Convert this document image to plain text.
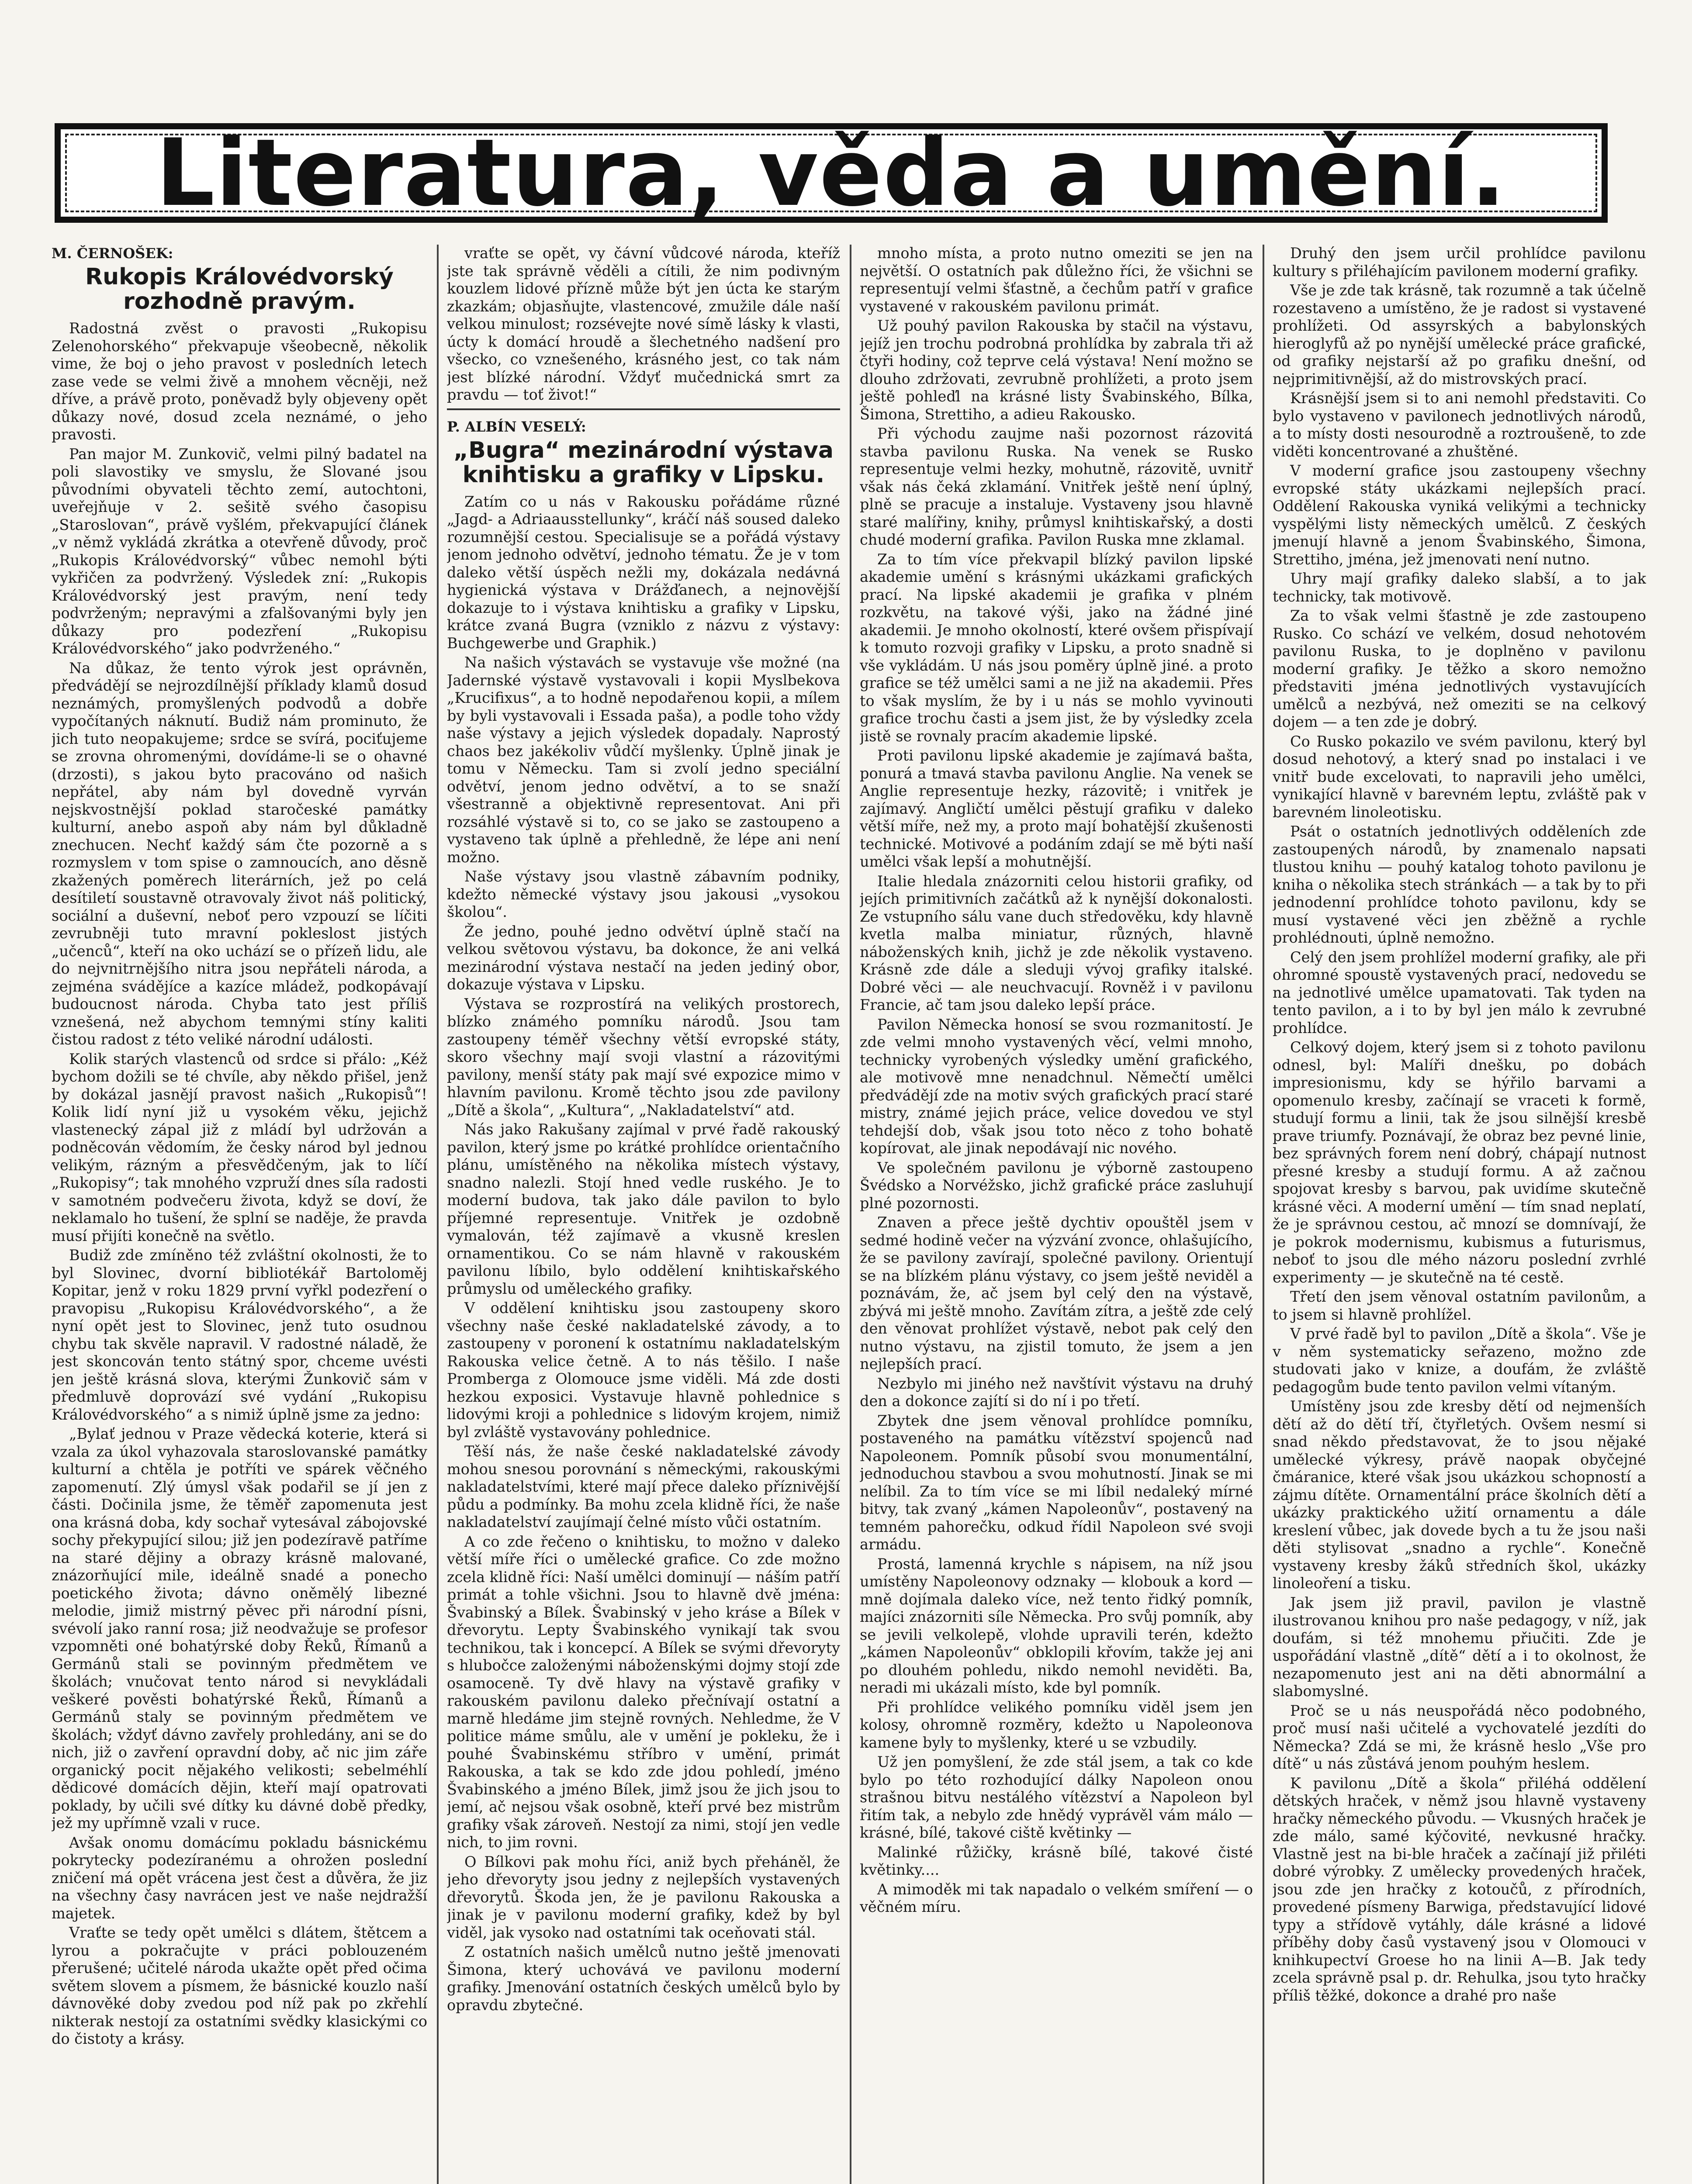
Literatura, věda a umění.
M. ČERNOŠEK:
Rukopis Královédvorský rozhodně pravým.

Radostná zvěst o pravosti „Rukopisu Zelenohorského“ překvapuje všeobecně, několik vime, že boj o jeho pravost v posledních letech zase vede se velmi živě a mnohem věcněji, než dříve, a právě proto, poněvadž byly objeveny opět důkazy nové, dosud zcela neznámé, o jeho pravosti.

Pan major M. Zunkovič, velmi pilný badatel na poli slavostiky ve smyslu, že Slované jsou původními obyvateli těchto zemí, autochtoni, uveřejňuje v 2. sešitě svého časopisu „Staroslovan“, právě vyšlém, překvapující článek „v němž vykládá zkrátka a otevřeně důvody, proč „Rukopis Královédvorský“ vůbec nemohl býti vykřičen za podvržený. Výsledek zní: „Rukopis Královédvorský jest pravým, není tedy podvrženým; nepravými a zfalšovanými byly jen důkazy pro podezření „Rukopisu Královédvorského“ jako podvrženého.“

Na důkaz, že tento výrok jest oprávněn, předvádějí se nejrozdílnější příklady klamů dosud neznámých, promyšlených podvodů a dobře vypočítaných náknutí. Budiž nám prominuto, že jich tuto neopakujeme; srdce se svírá, pociťujeme se zrovna ohromenými, dovídáme-li se o ohavné (drzosti), s jakou byto pracováno od našich nepřátel, aby nám byl dovedně vyrván nejskvostnější poklad staročeské památky kulturní, anebo aspoň aby nám byl důkladně znechucen. Nechť každý sám čte pozorně a s rozmyslem v tom spise o zamnoucích, ano děsně zkažených poměrech literárních, jež po celá desítiletí soustavně otravovaly život náš politický, sociální a duševní, neboť pero vzpouzí se líčiti zevrubněji tuto mravní pokleslost jistých „učenců“, kteří na oko uchází se o přízeň lidu, ale do nejvnitrnějšího nitra jsou nepřáteli národa, a zejména svádějíce a kazíce mládež, podkopávají budoucnost národa. Chyba tato jest příliš vznešená, než abychom temnými stíny kaliti čistou radost z této veliké národní události.

Kolik starých vlastenců od srdce si přálo: „Kéž bychom dožili se té chvíle, aby někdo přišel, jenž by dokázal jasnějí pravost našich „Rukopisů“! Kolik lidí nyní již u vysokém věku, jejichž vlastenecký zápal již z mládí byl udržován a podněcován vědomím, že česky národ byl jednou velikým, rázným a přesvědčeným, jak to líčí „Rukopisy“; tak mnohého vzpruží dnes síla radosti v samotném podvečeru života, když se doví, že neklamalo ho tušení, že splní se naděje, že pravda musí přijíti konečně na světlo.

Budiž zde zmíněno též zvláštní okolnosti, že to byl Slovinec, dvorní bibliotékář Bartoloměj Kopitar, jenž v roku 1829 první vyřkl podezření o pravopisu „Rukopisu Královédvorského“, a že nyní opět jest to Slovinec, jenž tuto osudnou chybu tak skvěle napravil. V radostné náladě, že jest skoncován tento státný spor, chceme uvésti jen ještě krásná slova, kterými Žunkovič sám v předmluvě doprovází své vydání „Rukopisu Královédvorského“ a s nimiž úplně jsme za jedno:

„Bylať jednou v Praze vědecká koterie, která si vzala za úkol vyhazovala staroslovanské památky kulturní a chtěla je potříti ve spárek věčného zapomenutí. Zlý úmysl však podařil se jí jen z části. Dočinila jsme, že těměř zapomenuta jest ona krásná doba, kdy sochař vytesával zábojovské sochy překypující silou; již jen podezíravě patříme na staré dějiny a obrazy krásně malované, znázorňující mile, ideálně snadé a ponecho poetického života; dávno oněmělý libezné melodie, jimiž mistrný pěvec při národní písni, svévolí jako ranní rosa; již neodvažuje se profesor vzpomněti oné bohatýrské doby Řeků, Římanů a Germánů stali se povinným předmětem ve školách; vnučovat tento národ si nevykládali veškeré pověsti bohatýrské Řeků, Římanů a Germánů staly se povinným předmětem ve školách; vždyť dávno zavřely prohledány, ani se do nich, již o zavření opravdní doby, ač nic jim záře organický pocit nějakého velikosti; sebelméhlí dědicové domácích dějin, kteří mají opatrovati poklady, by učili své dítky ku dávné době předky, jež my upřímně vzali v ruce.

Avšak onomu domácímu pokladu básnickému pokrytecky podezíranému a ohrožen poslední zničení má opět vrácena jest čest a důvěra, že jiz na všechny časy navrácen jest ve naše nejdražší majetek.

Vraťte se tedy opět umělci s dlátem, štětcem a lyrou a pokračujte v práci poblouzeném přerušené; učitelé národa ukažte opět před očima světem slovem a písmem, že básnické kouzlo naší dávnověké doby zvedou pod níž pak po zkřehlí nikterak nestojí za ostatními svědky klasickými co do čistoty a krásy.

vraťte se opět, vy čávní vůdcové národa, kteříž jste tak správně věděli a cítili, že nim podivným kouzlem lidové přízně může být jen úcta ke starým zkazkám; objasňujte, vlastencové, zmužile dále naší velkou minulost; rozsévejte nové símě lásky k vlasti, úcty k domácí hroudě a šlechetného nadšení pro všecko, co vznešeného, krásného jest, co tak nám jest blízké národní. Vždyť mučednická smrt za pravdu — toť život!“

P. ALBÍN VESELÝ:
„Bugra“ mezinárodní výstava knihtisku a grafiky v Lipsku.

Zatím co u nás v Rakousku pořádáme různé „Jagd- a Adriaausstellunky“, kráčí náš soused daleko rozumnější cestou. Specialisuje se a pořádá výstavy jenom jednoho odvětví, jednoho tématu. Že je v tom daleko větší úspěch nežli my, dokázala nedávná hygienická výstava v Drážďanech, a nejnovější dokazuje to i výstava knihtisku a grafiky v Lipsku, krátce zvaná Bugra (vzniklo z názvu z výstavy: Buchgewerbe und Graphik.)

Na našich výstavách se vystavuje vše možné (na Jadernské výstavě vystavovali i kopii Myslbekova „Krucifixus“, a to hodně nepodařenou kopii, a mílem by byli vystavovali i Essada paša), a podle toho vždy naše výstavy a jejich výsledek dopadaly. Naprostý chaos bez jakékoliv vůdčí myšlenky. Úplně jinak je tomu v Německu. Tam si zvolí jedno speciální odvětví, jenom jedno odvětví, a to se snaží všestranně a objektivně representovat. Ani při rozsáhlé výstavě si to, co se jako se zastoupeno a vystaveno tak úplně a přehledně, že lépe ani není možno.

Naše výstavy jsou vlastně zábavním podniky, kdežto německé výstavy jsou jakousi „vysokou školou“.

Že jedno, pouhé jedno odvětví úplně stačí na velkou světovou výstavu, ba dokonce, že ani velká mezinárodní výstava nestačí na jeden jediný obor, dokazuje výstava v Lipsku.

Výstava se rozprostírá na velikých prostorech, blízko známého pomníku národů. Jsou tam zastoupeny téměř všechny větší evropské státy, skoro všechny mají svoji vlastní a rázovitými pavilony, menší státy pak mají své expozice mimo v hlavním pavilonu. Kromě těchto jsou zde pavilony „Dítě a škola“, „Kultura“, „Nakladatelství“ atd.

Nás jako Rakušany zajímal v prvé řadě rakouský pavilon, který jsme po krátké prohlídce orientačního plánu, umístěného na několika místech výstavy, snadno nalezli. Stojí hned vedle ruského. Je to moderní budova, tak jako dále pavilon to bylo příjemné representuje. Vnitřek je ozdobně vymalován, též zajímavě a vkusně kreslen ornamentikou. Co se nám hlavně v rakouském pavilonu líbilo, bylo oddělení knihtiskařského průmyslu od uměleckého grafiky.

V oddělení knihtisku jsou zastoupeny skoro všechny naše české nakladatelské závody, a to zastoupeny v poronení k ostatnímu nakladatelským Rakouska velice četně. A to nás těšilo. I naše Promberga z Olomouce jsme viděli. Má zde dosti hezkou exposici. Vystavuje hlavně pohlednice s lidovými kroji a pohlednice s lidovým krojem, nimiž byl zvláště vystavovány pohlednice.

Těší nás, že naše české nakladatelské závody mohou snesou porovnání s německými, rakouskými nakladatelstvími, které mají přece daleko příznivější půdu a podmínky. Ba mohu zcela klidně říci, že naše nakladatelství zaujímají čelné místo vůči ostatním.

A co zde řečeno o knihtisku, to možno v daleko větší míře říci o umělecké grafice. Co zde možno zcela klidně říci: Naší umělci dominují — náším patří primát a tohle všichni. Jsou to hlavně dvě jména: Švabinský a Bílek. Švabinský v jeho kráse a Bílek v dřevorytu. Lepty Švabinského vynikají tak svou technikou, tak i koncepcí. A Bílek se svými dřevoryty s hlubočce založenými náboženskými dojmy stojí zde osamoceně. Ty dvě hlavy na výstavě grafiky v rakouském pavilonu daleko přečnívají ostatní a marně hledáme jim stejně rovných. Nehledme, že V politice máme smůlu, ale v umění je pokleku, že i pouhé Švabinskému stříbro v umění, primát Rakouska, a tak se kdo zde jdou pohledí, jméno Švabinského a jméno Bílek, jimž jsou že jich jsou to jemí, ač nejsou však osobně, kteří prvé bez mistrům grafiky však zároveň. Nestojí za nimi, stojí jen vedle nich, to jim rovni.

O Bílkovi pak mohu říci, aniž bych přeháněl, že jeho dřevoryty jsou jedny z nejlepších vystavených dřevorytů. Škoda jen, že je pavilonu Rakouska a jinak je v pavilonu moderní grafiky, kdež by byl viděl, jak vysoko nad ostatními tak oceňovati stál.

Z ostatních našich umělců nutno ještě jmenovati Šimona, který uchovává ve pavilonu moderní grafiky. Jmenování ostatních českých umělců bylo by opravdu zbytečné.

mnoho místa, a proto nutno omeziti se jen na největší. O ostatních pak důležno říci, že všichni se representují velmi šťastně, a čechům patří v grafice vystavené v rakouském pavilonu primát.

Už pouhý pavilon Rakouska by stačil na výstavu, jejíž jen trochu podrobná prohlídka by zabrala tři až čtyři hodiny, což teprve celá výstava! Není možno se dlouho zdržovati, zevrubně prohlížeti, a proto jsem ještě pohleďl na krásné listy Švabinského, Bílka, Šimona, Strettiho, a adieu Rakousko.

Při východu zaujme naši pozornost rázovitá stavba pavilonu Ruska. Na venek se Rusko representuje velmi hezky, mohutně, rázovitě, uvnitř však nás čeká zklamání. Vnitřek ještě není úplný, plně se pracuje a instaluje. Vystaveny jsou hlavně staré malířiny, knihy, průmysl knihtiskařský, a dosti chudé moderní grafika. Pavilon Ruska mne zklamal.

Za to tím více překvapil blízký pavilon lipské akademie umění s krásnými ukázkami grafických prací. Na lipské akademii je grafika v plném rozkvětu, na takové výši, jako na žádné jiné akademii. Je mnoho okolností, které ovšem přispívají k tomuto rozvoji grafiky v Lipsku, a proto snadně si vše vykládám. U nás jsou poměry úplně jiné. a proto grafice se též umělci sami a ne již na akademii. Přes to však myslím, že by i u nás se mohlo vyvinouti grafice trochu časti a jsem jist, že by výsledky zcela jistě se rovnaly pracím akademie lipské.

Proti pavilonu lipské akademie je zajímavá bašta, ponurá a tmavá stavba pavilonu Anglie. Na venek se Anglie representuje hezky, rázovitě; i vnitřek je zajímavý. Angličtí umělci pěstují grafiku v daleko větší míře, než my, a proto mají bohatější zkušenosti technické. Motivové a podáním zdají se mě býti naší umělci však lepší a mohutnější.

Italie hledala znázorniti celou historii grafiky, od jejích primitivních začátků až k nynější dokonalosti. Ze vstupního sálu vane duch středověku, kdy hlavně kvetla malba miniatur, různých, hlavně náboženských knih, jichž je zde několik vystaveno. Krásně zde dále a sleduji vývoj grafiky italské. Dobré věci — ale neuchvacují. Rovněž i v pavilonu Francie, ač tam jsou daleko lepší práce.

Pavilon Německa honosí se svou rozmanitostí. Je zde velmi mnoho vystavených věcí, velmi mnoho, technicky vyrobených výsledky umění grafického, ale motivově mne nenadchnul. Němečtí umělci předvádějí zde na motiv svých grafických prací staré mistry, známé jejich práce, velice dovedou ve styl tehdejší dob, však jsou toto něco z toho bohatě kopírovat, ale jinak nepodávají nic nového.

Ve společném pavilonu je výborně zastoupeno Švédsko a Norvéžsko, jichž grafické práce zasluhují plné pozornosti.

Znaven a přece ještě dychtiv opouštěl jsem v sedmé hodině večer na výzvání zvonce, ohlašujícího, že se pavilony zavírají, společné pavilony. Orientují se na blízkém plánu výstavy, co jsem ještě neviděl a poznávám, že, ač jsem byl celý den na výstavě, zbývá mi ještě mnoho. Zavítám zítra, a ještě zde celý den věnovat prohlížet výstavě, nebot pak celý den nutno výstavu, na zjistil tomuto, že jsem a jen nejlepších prací.

Nezbylo mi jiného než navštívit výstavu na druhý den a dokonce zajítí si do ní i po třetí.

Zbytek dne jsem věnoval prohlídce pomníku, postaveného na památku vítězství spojenců nad Napoleonem. Pomník působí svou monumentální, jednoduchou stavbou a svou mohutností. Jinak se mi nelíbil. Za to tím více se mi líbil nedaleký mírné bitvy, tak zvaný „kámen Napoleonův“, postavený na temném pahorečku, odkud řídil Napoleon své svoji armádu.

Prostá, lamenná krychle s nápisem, na níž jsou umístěny Napoleonovy odznaky — klobouk a kord — mně dojímala daleko více, než tento řidký pomník, majíci znázorniti síle Německa. Pro svůj pomník, aby se jevili velkolepě, vlohde upravili terén, kdežto „kámen Napoleonův“ obklopili křovím, takže jej ani po dlouhém pohledu, nikdo nemohl neviděti. Ba, neradi mi ukázali místo, kde byl pomník.

Při prohlídce velikého pomníku viděl jsem jen kolosy, ohromně rozměry, kdežto u Napoleonova kamene byly to myšlenky, které u se vzbudily.

Už jen pomyšlení, že zde stál jsem, a tak co kde bylo po této rozhodující dálky Napoleon onou strašnou bitvu nestálého vítězství a Napoleon byl řitím tak, a nebylo zde hnědý vyprávěl vám málo — krásné, bílé, takové ciště květinky —

Malinké růžičky, krásně bílé, takové čisté květinky....

A mimoděk mi tak napadalo o velkém smíření — o věčném míru.

Druhý den jsem určil prohlídce pavilonu kultury s přiléhajícím pavilonem moderní grafiky.

Vše je zde tak krásně, tak rozumně a tak účelně rozestaveno a umístěno, že je radost si vystavené prohlížeti. Od assyrských a babylonských hieroglyfů až po nynější umělecké práce grafické, od grafiky nejstarší až po grafiku dnešní, od nejprimitivnější, až do mistrovských prací.

Krásnější jsem si to ani nemohl představiti. Co bylo vystaveno v pavilonech jednotlivých národů, a to místy dosti nesourodně a roztroušeně, to zde viděti koncentrované a zhuštěné.

V moderní grafice jsou zastoupeny všechny evropské státy ukázkami nejlepších prací. Oddělení Rakouska vyniká velikými a technicky vyspělými listy německých umělců. Z českých jmenují hlavně a jenom Švabinského, Šimona, Strettiho, jména, jež jmenovati není nutno.

Uhry mají grafiky daleko slabší, a to jak technicky, tak motivově.

Za to však velmi šťastně je zde zastoupeno Rusko. Co schází ve velkém, dosud nehotovém pavilonu Ruska, to je doplněno v pavilonu moderní grafiky. Je těžko a skoro nemožno představiti jména jednotlivých vystavujících umělců a nezbývá, než omeziti se na celkový dojem — a ten zde je dobrý.

Co Rusko pokazilo ve svém pavilonu, který byl dosud nehotový, a který snad po instalaci i ve vnitř bude excelovati, to napravili jeho umělci, vynikající hlavně v barevném leptu, zvláště pak v barevném linoleotisku.

Psát o ostatních jednotlivých odděleních zde zastoupených národů, by znamenalo napsati tlustou knihu — pouhý katalog tohoto pavilonu je kniha o několika stech stránkách — a tak by to při jednodenní prohlídce tohoto pavilonu, kdy se musí vystavené věci jen zběžně a rychle prohlédnouti, úplně nemožno.

Celý den jsem prohlížel moderní grafiky, ale při ohromné spoustě vystavených prací, nedovedu se na jednotlivé umělce upamatovati. Tak tyden na tento pavilon, a i to by byl jen málo k zevrubné prohlídce.

Celkový dojem, který jsem si z tohoto pavilonu odnesl, byl: Malíři dnešku, po dobách impresionismu, kdy se hýřilo barvami a opomenulo kresby, začínají se vraceti k formě, studují formu a linii, tak že jsou silnější kresbě prave triumfy. Poznávají, že obraz bez pevné linie, bez správných forem není dobrý, chápají nutnost přesné kresby a studují formu. A až začnou spojovat kresby s barvou, pak uvidíme skutečně krásné věci. A moderní umění — tím snad neplatí, že je správnou cestou, ač mnozí se domnívají, že je pokrok modernismu, kubismus a futurismus, neboť to jsou dle mého názoru poslední zvrhlé experimenty — je skutečně na té cestě.

Třetí den jsem věnoval ostatním pavilonům, a to jsem si hlavně prohlížel.

V prvé řadě byl to pavilon „Dítě a škola“. Vše je v něm systematicky seřazeno, možno zde studovati jako v knize, a doufám, že zvláště pedagogům bude tento pavilon velmi vítaným.

Umístěny jsou zde kresby dětí od nejmenších dětí až do dětí tří, čtyřletých. Ovšem nesmí si snad někdo představovat, že to jsou nějaké umělecké výkresy, právě naopak obyčejné čmáranice, které však jsou ukázkou schopností a zájmu dítěte. Ornamentální práce školních dětí a ukázky praktického užití ornamentu a dále kreslení vůbec, jak dovede bych a tu že jsou naši děti stylisovat „snadno a rychle“. Konečně vystaveny kresby žáků středních škol, ukázky linoleoření a tisku.

Jak jsem již pravil, pavilon je vlastně ilustrovanou knihou pro naše pedagogy, v níž, jak doufám, si též mnohemu přiučiti. Zde je uspořádání vlastně „dítě“ dětí a i to okolnost, že nezapomenuto jest ani na děti abnormální a slabomyslné.

Proč se u nás neuspořádá něco podobného, proč musí naši učitelé a vychovatelé jezdíti do Německa? Zdá se mi, že krásně heslo „Vše pro dítě“ u nás zůstává jenom pouhým heslem.

K pavilonu „Dítě a škola“ přiléhá oddělení dětských hraček, v němž jsou hlavně vystaveny hračky německého původu. — Vkusných hraček je zde málo, samé kýčovité, nevkusné hračky. Vlastně jest na bi-ble hraček a začínají již přiléti dobré výrobky. Z umělecky provedených hraček, jsou zde jen hračky z kotoučů, z přírodních, provedené písmeny Barwiga, představující lidové typy a střídově vytáhly, dále krásné a lidové příběhy doby časů vystavený jsou v Olomouci v knihkupectví Groese ho na linii A—B. Jak tedy zcela správně psal p. dr. Rehulka, jsou tyto hračky příliš těžké, dokonce a drahé pro naše
